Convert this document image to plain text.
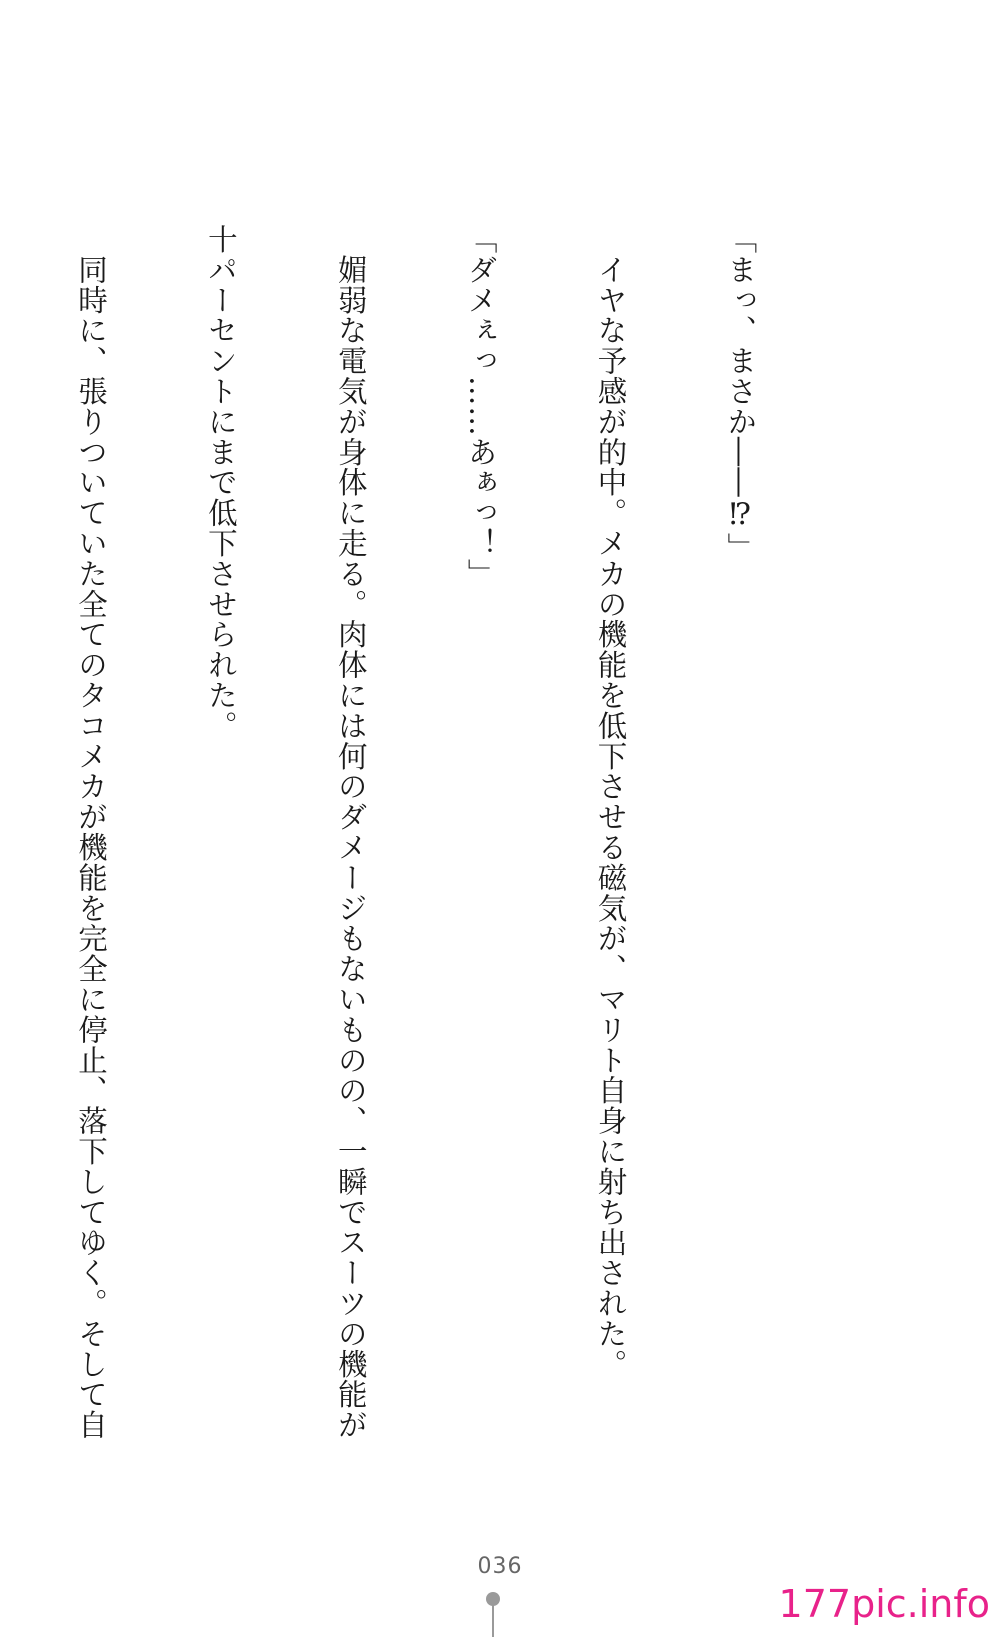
「まっ、まさか――⁉」

　イヤな予感が的中。メカの機能を低下させる磁気が、マリト自身に射ち出された。

「ダメぇっ……あぁっ！」

　媚弱な電気が身体に走る。肉体には何のダメージもないものの、一瞬でスーツの機能が

十パーセントにまで低下させられた。

　同時に、張りついていた全てのタコメカが機能を完全に停止、落下してゆく。そして自

036
177pic.info
